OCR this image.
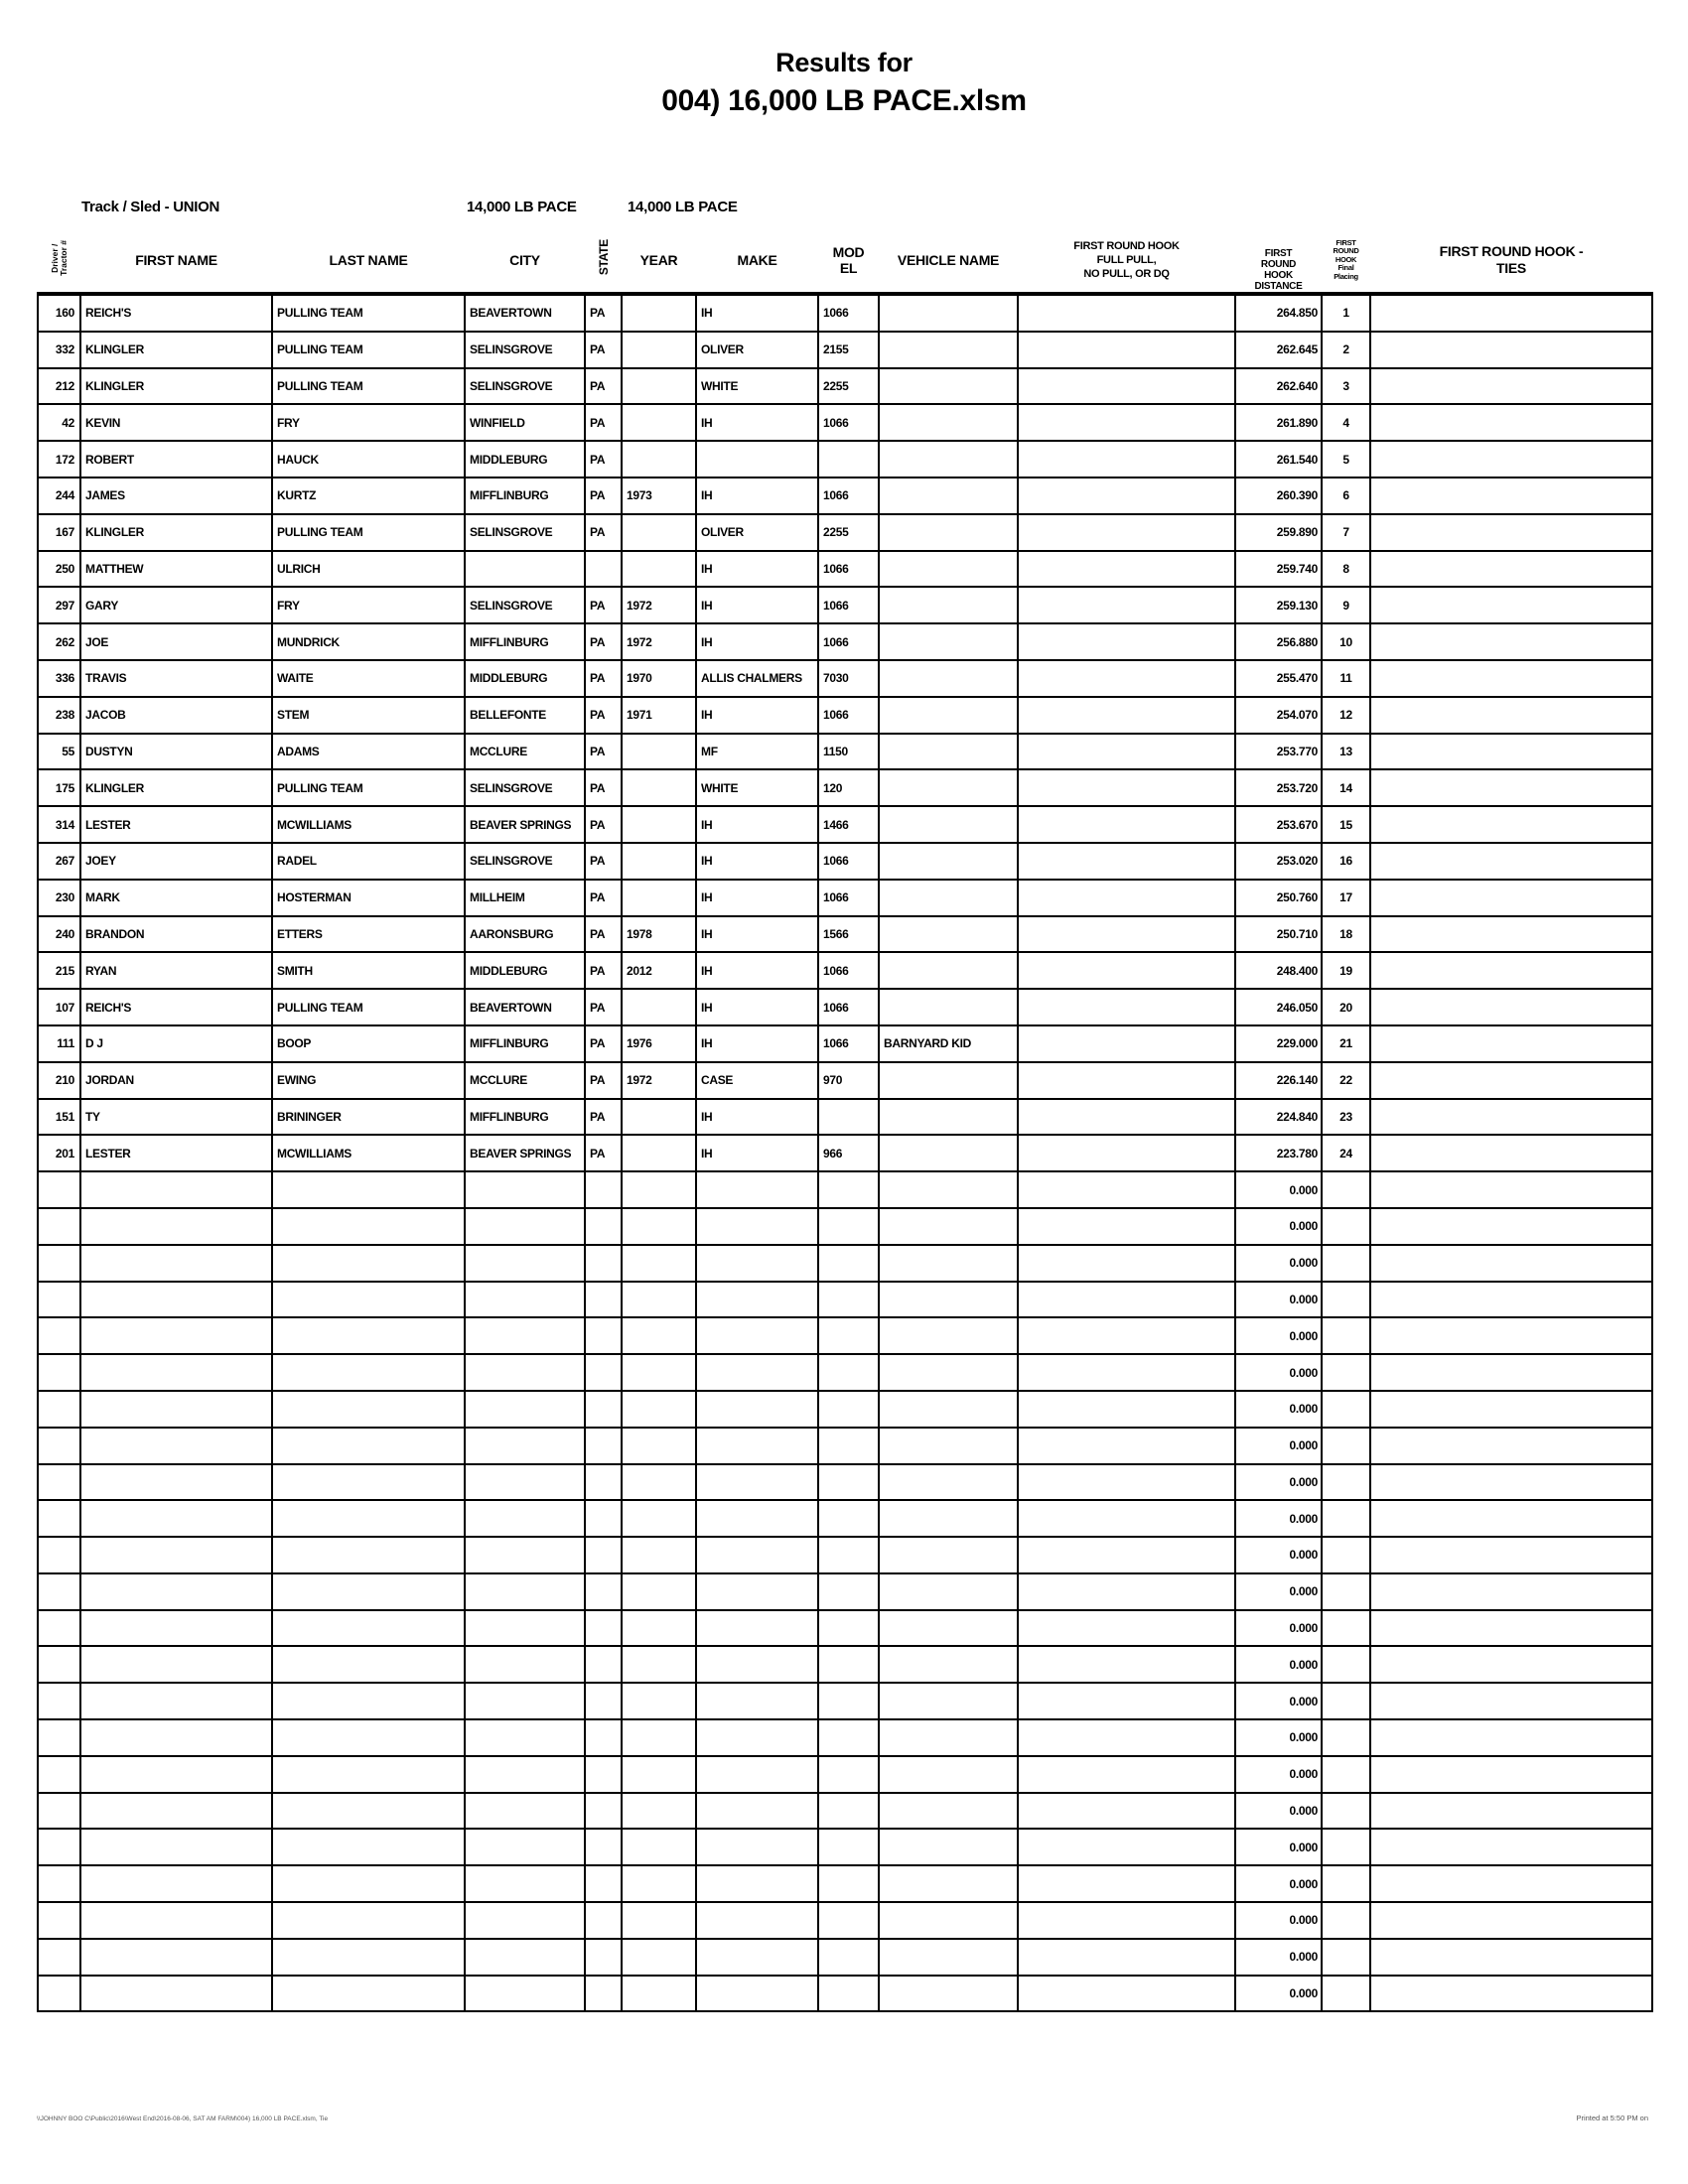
Results for
004) 16,000 LB PACE.xlsm
Track / Sled - UNION	14,000 LB PACE	14,000 LB PACE
Driver /
Tractor #	FIRST NAME	LAST NAME	CITY	STATE	YEAR	MAKE	MOD
EL	VEHICLE NAME	FIRST ROUND HOOK
FULL PULL,
NO PULL, OR DQ	FIRST
ROUND
HOOK
DISTANCE	FIRST
ROUND
HOOK
Final
Placing	FIRST ROUND HOOK -
TIES
160	REICH'S	PULLING TEAM	BEAVERTOWN	PA		IH	1066			264.850	1	
332	KLINGLER	PULLING TEAM	SELINSGROVE	PA		OLIVER	2155			262.645	2	
212	KLINGLER	PULLING TEAM	SELINSGROVE	PA		WHITE	2255			262.640	3	
42	KEVIN	FRY	WINFIELD	PA		IH	1066			261.890	4	
172	ROBERT	HAUCK	MIDDLEBURG	PA						261.540	5	
244	JAMES	KURTZ	MIFFLINBURG	PA	1973	IH	1066			260.390	6	
167	KLINGLER	PULLING TEAM	SELINSGROVE	PA		OLIVER	2255			259.890	7	
250	MATTHEW	ULRICH				IH	1066			259.740	8	
297	GARY	FRY	SELINSGROVE	PA	1972	IH	1066			259.130	9	
262	JOE	MUNDRICK	MIFFLINBURG	PA	1972	IH	1066			256.880	10	
336	TRAVIS	WAITE	MIDDLEBURG	PA	1970	ALLIS CHALMERS	7030			255.470	11	
238	JACOB	STEM	BELLEFONTE	PA	1971	IH	1066			254.070	12	
55	DUSTYN	ADAMS	MCCLURE	PA		MF	1150			253.770	13	
175	KLINGLER	PULLING TEAM	SELINSGROVE	PA		WHITE	120			253.720	14	
314	LESTER	MCWILLIAMS	BEAVER SPRINGS	PA		IH	1466			253.670	15	
267	JOEY	RADEL	SELINSGROVE	PA		IH	1066			253.020	16	
230	MARK	HOSTERMAN	MILLHEIM	PA		IH	1066			250.760	17	
240	BRANDON	ETTERS	AARONSBURG	PA	1978	IH	1566			250.710	18	
215	RYAN	SMITH	MIDDLEBURG	PA	2012	IH	1066			248.400	19	
107	REICH'S	PULLING TEAM	BEAVERTOWN	PA		IH	1066			246.050	20	
111	D J	BOOP	MIFFLINBURG	PA	1976	IH	1066	BARNYARD KID		229.000	21	
210	JORDAN	EWING	MCCLURE	PA	1972	CASE	970			226.140	22	
151	TY	BRININGER	MIFFLINBURG	PA		IH				224.840	23	
201	LESTER	MCWILLIAMS	BEAVER SPRINGS	PA		IH	966			223.780	24	
										0.000		
										0.000		
										0.000		
										0.000		
										0.000		
										0.000		
										0.000		
										0.000		
										0.000		
										0.000		
										0.000		
										0.000		
										0.000		
										0.000		
										0.000		
										0.000		
										0.000		
										0.000		
										0.000		
										0.000		
										0.000		
										0.000		
										0.000		
\\JOHNNY BOO C\Public\2016\West End\2016-08-06, SAT AM FARM\004) 16,000 LB PACE.xlsm, Tie	Printed at 5:50 PM on
